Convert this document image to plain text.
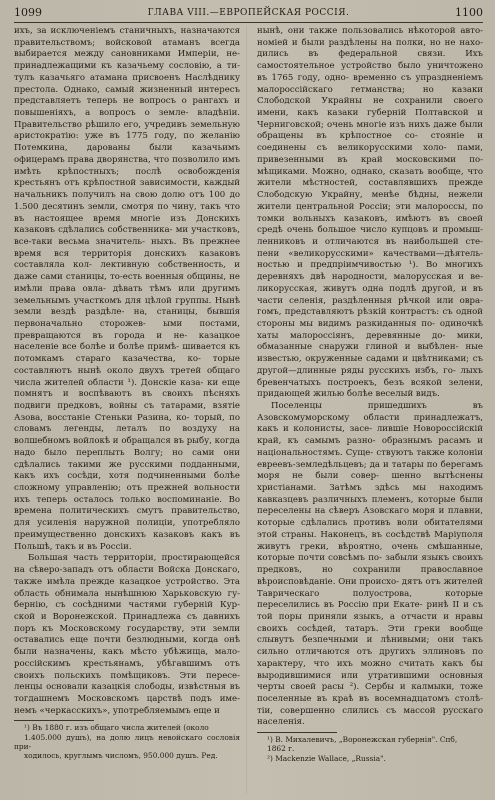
1099	ГЛАВА VIII.—ЕВРОПЕЙСКАЯ РОССІЯ.	1100

ихъ, за исключеніемъ станичныхъ, назначаются правительствомъ; войсковой атаманъ всегда выбирается между сановниками Имперіи, не- принадлежащими къ казачьему сословію, а ти- тулъ казачьяго атамана присвоенъ Наслѣднику престола. Однако, самый жизненный интересъ представляетъ теперь не вопросъ о рангахъ и повышеніяхъ, а вопросъ о земле- владѣніи. Правительство рѣшило его, учредивъ земельную аристократію: уже въ 1775 году, по желанію Потемкина, дарованы были казачьимъ офицерамъ права дворянства, что позволило имъ имѣть крѣпостныхъ; послѣ освобожденія крестьянъ отъ крѣпостной зависимости, каждый начальникъ получилъ на свою долю отъ 100 до 1.500 десятинъ земли, смотря по чину, такъ что въ настоящее время многіе изъ Донскихъ казаковъ сдѣлались собственника- ми участковъ, все-таки весьма значитель- ныхъ. Въ прежнее время вся территорія донскихъ казаковъ составляла кол- лективную собственность, и даже сами станицы, то-есть военныя общины, не имѣли права овла- дѣвать тѣмъ или другимъ земельнымъ участкомъ для цѣлой группы. Нынѣ земли вездѣ раздѣле- на, станицы, бывшія первоначально сторожев- ыми постами, превращаются въ города и не- казацкое населеніе все болѣе и болѣе примѣ- шивается къ потомкамъ стараго казачества, ко- торые составляютъ нынѣ около двухъ третей общаго числа жителей области ¹). Донскіе каза- ки еще помнятъ и воспѣваютъ въ своихъ пѣсняхъ подвиги предковъ, войны съ татарами, взятіе Азова, восстаніе Стеньки Разина, ко- торый, по словамъ легенды, леталъ по воздуху на волшебномъ войлокѣ и обращался въ рыбу, когда надо было переплыть Волгу; но сами они сдѣлались такими же русскими подданными, какъ ихъ сосѣди, хотя подчиненными болѣе сложному управленію; отъ прежней вольности ихъ теперь осталось только воспоминаніе. Во времена политическихъ смутъ правительство, для усиленія наружной полиціи, употребляло преимущественно донскихъ казаковъ какъ въ Польшѣ, такъ и въ Россіи.

Большая часть территоріи, простирающейся на сѣверо-западъ отъ области Войска Донскаго, также имѣла прежде казацкое устройство. Эта область обнимала нынѣшнюю Харьковскую гу- бернію, съ сосѣдними частями губерній Кур- ской и Воронежской. Принадлежа съ давнихъ поръ къ Московскому государству, эти земли оставались еще почти безлюдными, когда онѣ были назначены, какъ мѣсто убѣжища, мало- россійскимъ крестьянамъ, убѣгавшимъ отъ своихъ польскихъ помѣщиковъ. Эти пересе- ленцы основали казацкія слободы, извѣстныя въ тогдашнемъ Московскомъ царствѣ подъ име- немъ «черкасскихъ», употребляемымъ еще и

¹) Въ 1880 г. изъ общаго числа жителей (около

1.405.000 душъ), на долю лицъ невойскаго сословія при-

ходилось, круглымъ числомъ, 950.000 душъ. Ред.

нынѣ, они также пользовались нѣкоторой авто- номіей и были раздѣлены на полки, но не нахо- дились въ федеральной связи. Ихъ самостоятельное устройство было уничтожено въ 1765 году, одно- временно съ упраздненіемъ малороссійскаго гетманства; но казаки Слободской Украйны не сохранили своего имени, какъ казаки губерній Полтавской и Черниговской; очень многіе изъ нихъ даже были обращены въ крѣпостное со- стояніе и соединены съ великорусскими холо- пами, привезенными въ край московскими по- мѣщиками. Можно, однако, сказать вообще, что жители мѣстностей, составлявшихъ прежде Слободскую Украйну, менѣе бѣдны, нежели жители центральной Россіи; эти малороссы, по томки вольныхъ казаковъ, имѣютъ въ своей средѣ очень большое число купцовъ и промыш- ленниковъ и отличаются въ наибольшей сте- пени «великорусскими» качествами—дѣятель- ностью и предпріимчивостью ¹). Во многихъ деревняхъ двѣ народности, малорусская и ве- ликорусская, живутъ одна подлѣ другой, и въ части селенія, раздѣленныя рѣчкой или овра- гомъ, представляютъ рѣзкій контрастъ: съ одной стороны мы видимъ разкиданныя по- одиночкѣ хаты малороссіянъ, деревянные до- мики, обмазанные снаружи глиной и выбѣлен- ные известью, окруженные садами и цвѣтниками; съ другой—длинные ряды русскихъ избъ, го- лыхъ бревенчатыхъ построекъ, безъ всякой зелени, придающей жилью болѣе веселый видъ.

Поселенцы пришедшихъ въ Азовскомуморскому области принадлежатъ, какъ и колонисты, засе- лившіе Новороссійскій край, къ самымъ разно- образнымъ расамъ и національностямъ. Суще- ствуютъ также колоніи евреевъ-земледѣльцевъ; да и татары по берегамъ моря не были совер- шенно вытѣснены христіанами. Затѣмъ здѣсь мы находимъ кавказцевъ различныхъ племенъ, которые были переселены на сѣверъ Азовскаго моря и плавни, которые сдѣлались противъ воли обитателями этой страны. Наконецъ, въ сосѣдствѣ Маріуполя живутъ греки, вѣроятно, очень смѣшанные, которые почти совсѣмъ по- забыли языкъ своихъ предковъ, но сохранили православное вѣроисповѣданіе. Они происхо- дятъ отъ жителей Таврическаго полуострова, которые переселились въ Россію при Екате- ринѣ II и съ той поры приняли языкъ, а отчасти и нравы своихъ сосѣдей, татаръ. Эти греки вообще слывутъ безпечными и лѣнивыми; они такъ сильно отличаются отъ другихъ эллиновъ по характеру, что ихъ можно считать какъ бы выродившимися или утратившими основныя черты своей расы ²). Сербы и калмыки, тоже поселенные въ краѣ въ восемнадцатомъ столѣ- тіи, совершенно слились съ массой русскаго населенія.

¹) В. Михалевичъ, „Воронежская губернія". Спб,

1862 г.

²) Mackenzie Wallace, „Russia".
